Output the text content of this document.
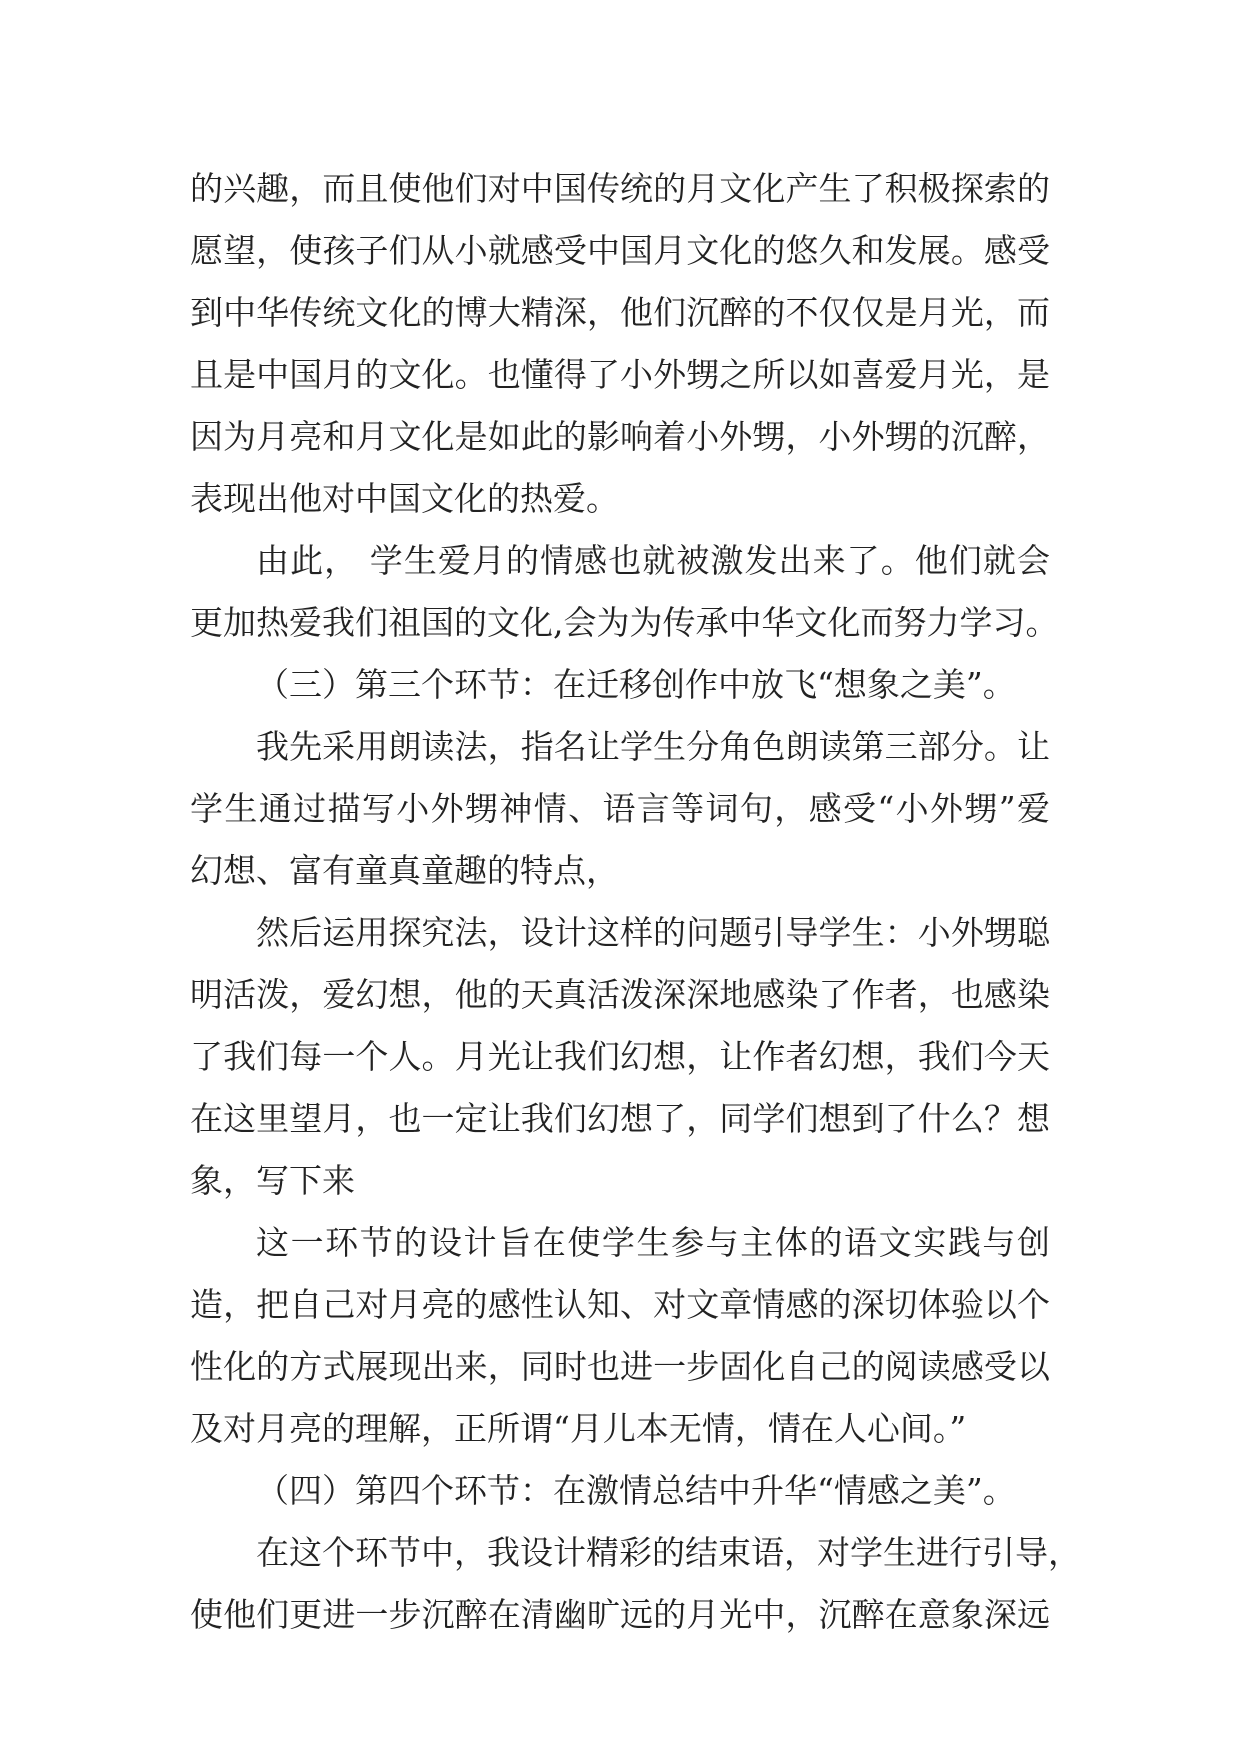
的兴趣，而且使他们对中国传统的月文化产生了积极探索的
愿望，使孩子们从小就感受中国月文化的悠久和发展。感受
到中华传统文化的博大精深，他们沉醉的不仅仅是月光，而
且是中国月的文化。也懂得了小外甥之所以如喜爱月光，是
因为月亮和月文化是如此的影响着小外甥，小外甥的沉醉，
表现出他对中国文化的热爱。
由此， 学生爱月的情感也就被激发出来了。他们就会
更加热爱我们祖国的文化,会为为传承中华文化而努力学习。
（三）第三个环节：在迁移创作中放飞“想象之美”。
我先采用朗读法，指名让学生分角色朗读第三部分。让
学生通过描写小外甥神情、语言等词句，感受“小外甥”爱
幻想、富有童真童趣的特点，
然后运用探究法，设计这样的问题引导学生：小外甥聪
明活泼，爱幻想，他的天真活泼深深地感染了作者，也感染
了我们每一个人。月光让我们幻想，让作者幻想，我们今天
在这里望月，也一定让我们幻想了，同学们想到了什么？想
象，写下来
这一环节的设计旨在使学生参与主体的语文实践与创
造，把自己对月亮的感性认知、对文章情感的深切体验以个
性化的方式展现出来，同时也进一步固化自己的阅读感受以
及对月亮的理解，正所谓“月儿本无情，情在人心间。”
（四）第四个环节：在激情总结中升华“情感之美”。
在这个环节中，我设计精彩的结束语，对学生进行引导，
使他们更进一步沉醉在清幽旷远的月光中，沉醉在意象深远
